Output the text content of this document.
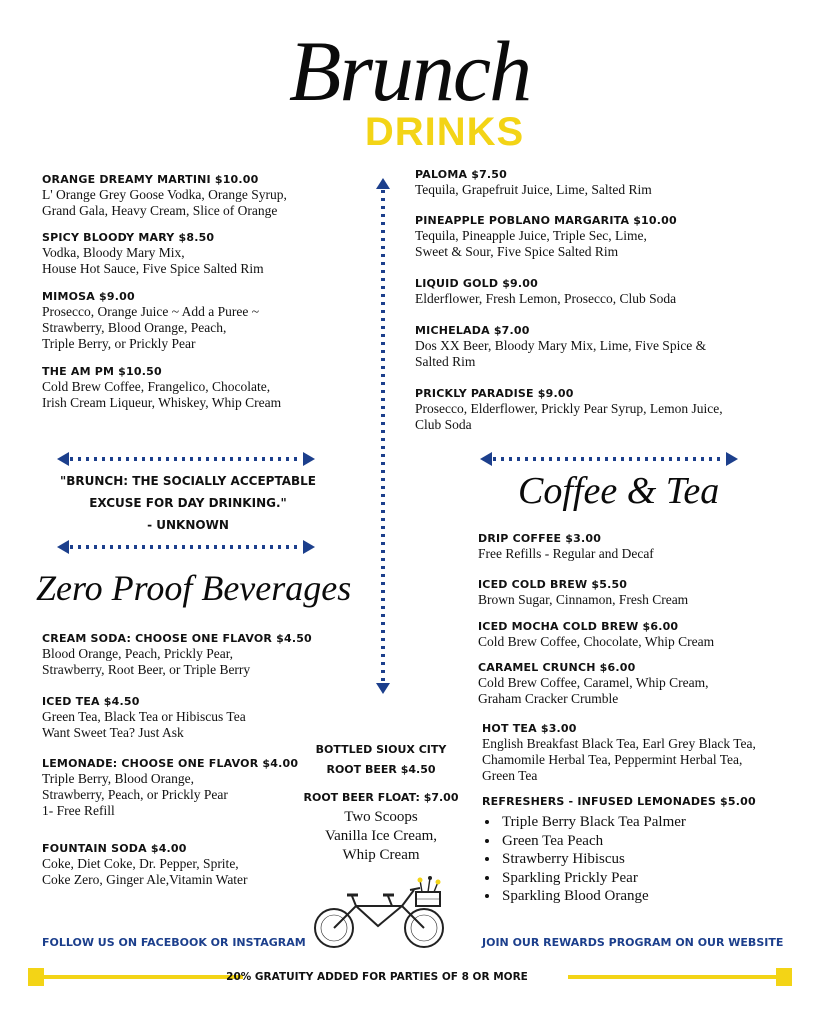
Brunch
DRINKS
ORANGE DREAMY MARTINI $10.00
L' Orange Grey Goose Vodka, Orange Syrup,
Grand Gala, Heavy Cream, Slice of Orange
SPICY BLOODY MARY $8.50
Vodka, Bloody Mary Mix,
House Hot Sauce, Five Spice Salted Rim
MIMOSA $9.00
Prosecco, Orange Juice ~ Add a Puree ~
Strawberry, Blood Orange, Peach,
Triple Berry, or Prickly Pear
THE AM PM $10.50
Cold Brew Coffee, Frangelico, Chocolate,
Irish Cream Liqueur, Whiskey, Whip Cream
PALOMA $7.50
Tequila, Grapefruit Juice, Lime, Salted Rim
PINEAPPLE POBLANO MARGARITA $10.00
Tequila, Pineapple Juice, Triple Sec, Lime,
Sweet & Sour, Five Spice Salted Rim
LIQUID GOLD $9.00
Elderflower, Fresh Lemon, Prosecco, Club Soda
MICHELADA $7.00
Dos XX Beer, Bloody Mary Mix, Lime, Five Spice &
Salted Rim
PRICKLY PARADISE $9.00
Prosecco, Elderflower, Prickly Pear Syrup, Lemon Juice,
Club Soda
"BRUNCH: THE SOCIALLY ACCEPTABLE
EXCUSE FOR DAY DRINKING."
- UNKNOWN
Zero Proof Beverages
CREAM SODA: CHOOSE ONE FLAVOR $4.50
Blood Orange, Peach, Prickly Pear,
Strawberry, Root Beer, or Triple Berry
ICED TEA $4.50
Green Tea, Black Tea or Hibiscus Tea
Want Sweet Tea? Just Ask
LEMONADE: CHOOSE ONE FLAVOR $4.00
Triple Berry, Blood Orange,
Strawberry, Peach, or Prickly Pear
1- Free Refill
FOUNTAIN SODA $4.00
Coke, Diet Coke, Dr. Pepper, Sprite,
Coke Zero, Ginger Ale,Vitamin Water
BOTTLED SIOUX CITY
ROOT BEER $4.50
ROOT BEER FLOAT: $7.00
Two Scoops
Vanilla Ice Cream,
Whip Cream
Coffee & Tea
DRIP COFFEE $3.00
Free Refills - Regular and Decaf
ICED COLD BREW $5.50
Brown Sugar, Cinnamon, Fresh Cream
ICED MOCHA COLD BREW $6.00
Cold Brew Coffee, Chocolate, Whip Cream
CARAMEL CRUNCH $6.00
Cold Brew Coffee, Caramel, Whip Cream,
Graham Cracker Crumble
HOT TEA $3.00
English Breakfast Black Tea, Earl Grey Black Tea,
Chamomile Herbal Tea, Peppermint Herbal Tea,
Green Tea
REFRESHERS - INFUSED LEMONADES $5.00
• Triple Berry Black Tea Palmer
• Green Tea Peach
• Strawberry Hibiscus
• Sparkling Prickly Pear
• Sparkling Blood Orange
FOLLOW US ON FACEBOOK OR INSTAGRAM	JOIN OUR REWARDS PROGRAM ON OUR WEBSITE
20% GRATUITY ADDED FOR PARTIES OF 8 OR MORE
